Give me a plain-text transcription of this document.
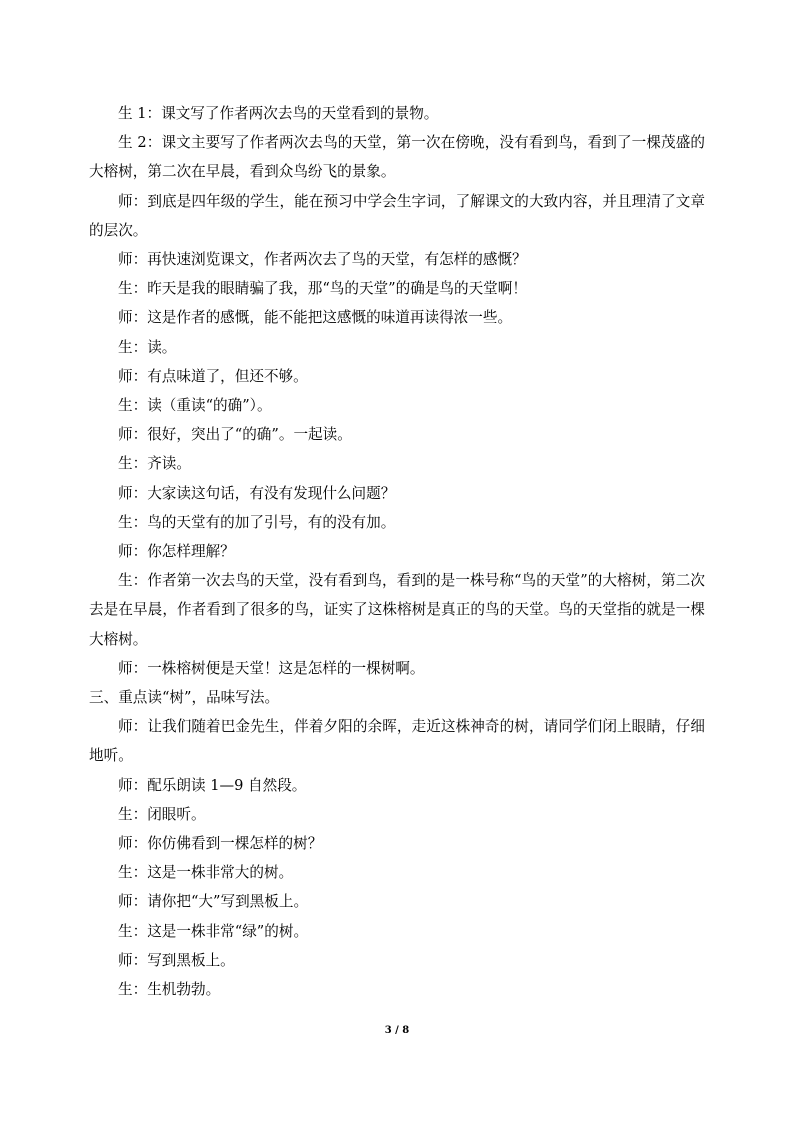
生 1：课文写了作者两次去鸟的天堂看到的景物。

生 2：课文主要写了作者两次去鸟的天堂，第一次在傍晚，没有看到鸟，看到了一棵茂盛的大榕树，第二次在早晨，看到众鸟纷飞的景象。

师：到底是四年级的学生，能在预习中学会生字词，了解课文的大致内容，并且理清了文章的层次。

师：再快速浏览课文，作者两次去了鸟的天堂，有怎样的感慨？

生：昨天是我的眼睛骗了我，那“鸟的天堂”的确是鸟的天堂啊！

师：这是作者的感慨，能不能把这感慨的味道再读得浓一些。

生：读。

师：有点味道了，但还不够。

生：读（重读“的确”）。

师：很好，突出了“的确”。一起读。

生：齐读。

师：大家读这句话，有没有发现什么问题？

生：鸟的天堂有的加了引号，有的没有加。

师：你怎样理解？

生：作者第一次去鸟的天堂，没有看到鸟，看到的是一株号称“鸟的天堂”的大榕树，第二次去是在早晨，作者看到了很多的鸟，证实了这株榕树是真正的鸟的天堂。鸟的天堂指的就是一棵大榕树。

师：一株榕树便是天堂！这是怎样的一棵树啊。

三、重点读“树”，品味写法。

师：让我们随着巴金先生，伴着夕阳的余晖，走近这株神奇的树，请同学们闭上眼睛，仔细地听。

师：配乐朗读 1—9 自然段。

生：闭眼听。

师：你仿佛看到一棵怎样的树？

生：这是一株非常大的树。

师：请你把“大”写到黑板上。

生：这是一株非常“绿”的树。

师：写到黑板上。

生：生机勃勃。

3 / 8
